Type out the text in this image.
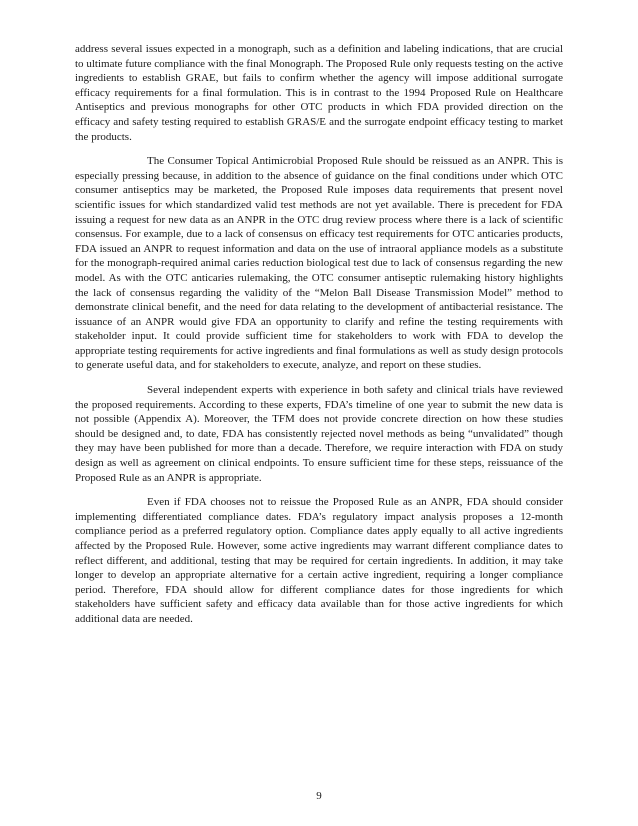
address several issues expected in a monograph, such as a definition and labeling indications, that are crucial to ultimate future compliance with the final Monograph. The Proposed Rule only requests testing on the active ingredients to establish GRAE, but fails to confirm whether the agency will impose additional surrogate efficacy requirements for a final formulation. This is in contrast to the 1994 Proposed Rule on Healthcare Antiseptics and previous monographs for other OTC products in which FDA provided direction on the efficacy and safety testing required to establish GRAS/E and the surrogate endpoint efficacy testing to market the products.

The Consumer Topical Antimicrobial Proposed Rule should be reissued as an ANPR. This is especially pressing because, in addition to the absence of guidance on the final conditions under which OTC consumer antiseptics may be marketed, the Proposed Rule imposes data requirements that present novel scientific issues for which standardized valid test methods are not yet available. There is precedent for FDA issuing a request for new data as an ANPR in the OTC drug review process where there is a lack of scientific consensus. For example, due to a lack of consensus on efficacy test requirements for OTC anticaries products, FDA issued an ANPR to request information and data on the use of intraoral appliance models as a substitute for the monograph-required animal caries reduction biological test due to lack of consensus regarding the new model. As with the OTC anticaries rulemaking, the OTC consumer antiseptic rulemaking history highlights the lack of consensus regarding the validity of the “Melon Ball Disease Transmission Model” method to demonstrate clinical benefit, and the need for data relating to the development of antibacterial resistance. The issuance of an ANPR would give FDA an opportunity to clarify and refine the testing requirements with stakeholder input. It could provide sufficient time for stakeholders to work with FDA to develop the appropriate testing requirements for active ingredients and final formulations as well as study design protocols to generate useful data, and for stakeholders to execute, analyze, and report on these studies.

Several independent experts with experience in both safety and clinical trials have reviewed the proposed requirements. According to these experts, FDA’s timeline of one year to submit the new data is not possible (Appendix A). Moreover, the TFM does not provide concrete direction on how these studies should be designed and, to date, FDA has consistently rejected novel methods as being “unvalidated” though they may have been published for more than a decade. Therefore, we require interaction with FDA on study design as well as agreement on clinical endpoints. To ensure sufficient time for these steps, reissuance of the Proposed Rule as an ANPR is appropriate.

Even if FDA chooses not to reissue the Proposed Rule as an ANPR, FDA should consider implementing differentiated compliance dates. FDA’s regulatory impact analysis proposes a 12-month compliance period as a preferred regulatory option. Compliance dates apply equally to all active ingredients affected by the Proposed Rule. However, some active ingredients may warrant different compliance dates to reflect different, and additional, testing that may be required for certain ingredients. In addition, it may take longer to develop an appropriate alternative for a certain active ingredient, requiring a longer compliance period. Therefore, FDA should allow for different compliance dates for those ingredients for which stakeholders have sufficient safety and efficacy data available than for those active ingredients for which additional data are needed.

9
